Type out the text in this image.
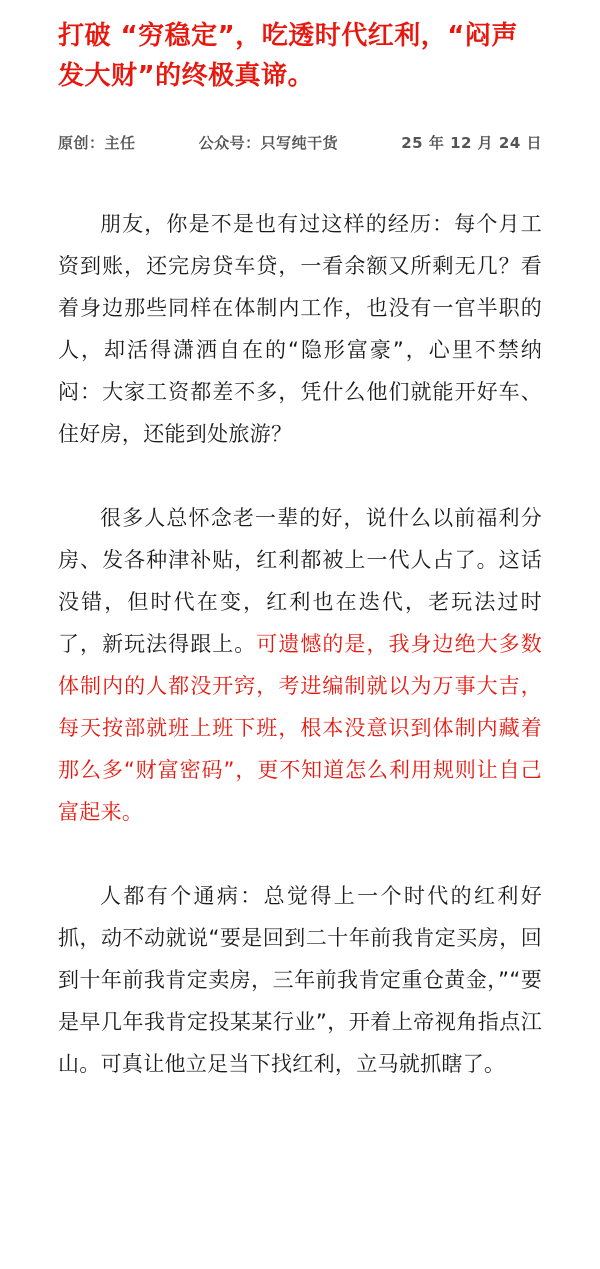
打破 “穷稳定”，吃透时代红利，“闷声发大财”的终极真谛。
原创：主任	公众号：只写纯干货	25 年 12 月 24 日

朋友，你是不是也有过这样的经历：每个月工资到账，还完房贷车贷，一看余额又所剩无几？看着身边那些同样在体制内工作，也没有一官半职的人，却活得潇洒自在的“隐形富豪”，心里不禁纳闷：大家工资都差不多，凭什么他们就能开好车、住好房，还能到处旅游？

很多人总怀念老一辈的好，说什么以前福利分房、发各种津补贴，红利都被上一代人占了。这话没错，但时代在变，红利也在迭代，老玩法过时了，新玩法得跟上。可遗憾的是，我身边绝大多数体制内的人都没开窍，考进编制就以为万事大吉，每天按部就班上班下班，根本没意识到体制内藏着那么多“财富密码”，更不知道怎么利用规则让自己富起来。

人都有个通病：总觉得上一个时代的红利好抓，动不动就说“要是回到二十年前我肯定买房，回到十年前我肯定卖房，三年前我肯定重仓黄金，”“要是早几年我肯定投某某行业”，开着上帝视角指点江山。可真让他立足当下找红利，立马就抓瞎了。
